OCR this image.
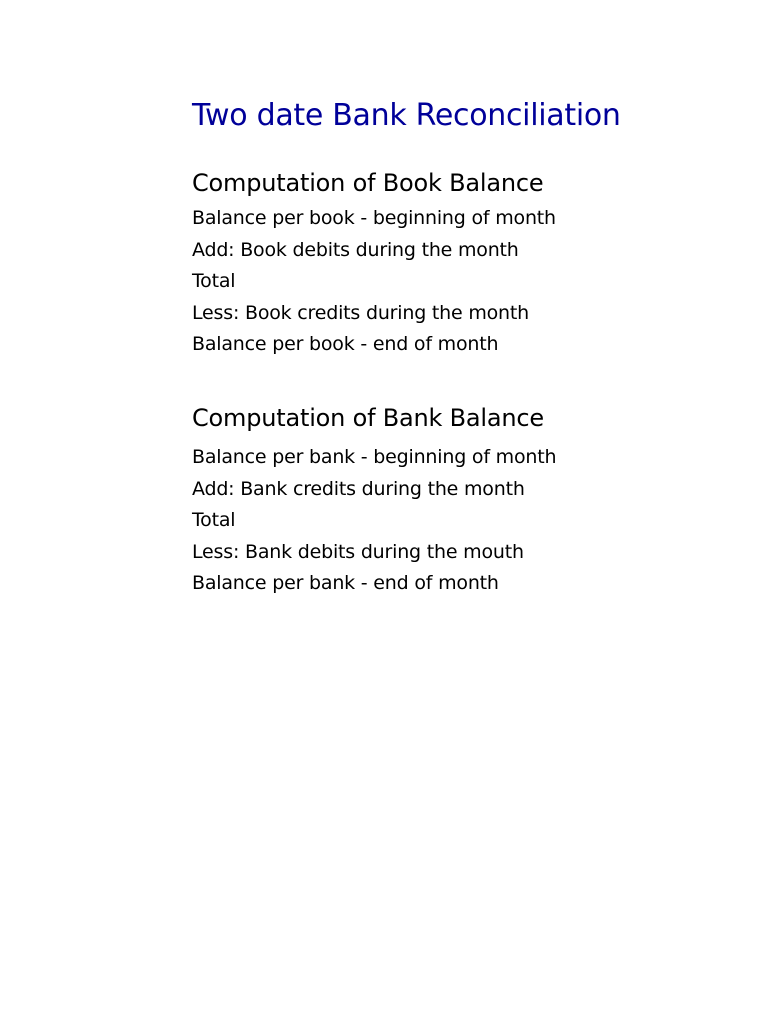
Two date Bank Reconciliation
Computation of Book Balance
Balance per book - beginning of month
Add: Book debits during the month
Total
Less: Book credits during the month
Balance per book - end of month
Computation of Bank Balance
Balance per bank - beginning of month
Add: Bank credits during the month
Total
Less: Bank debits during the mouth
Balance per bank - end of month
